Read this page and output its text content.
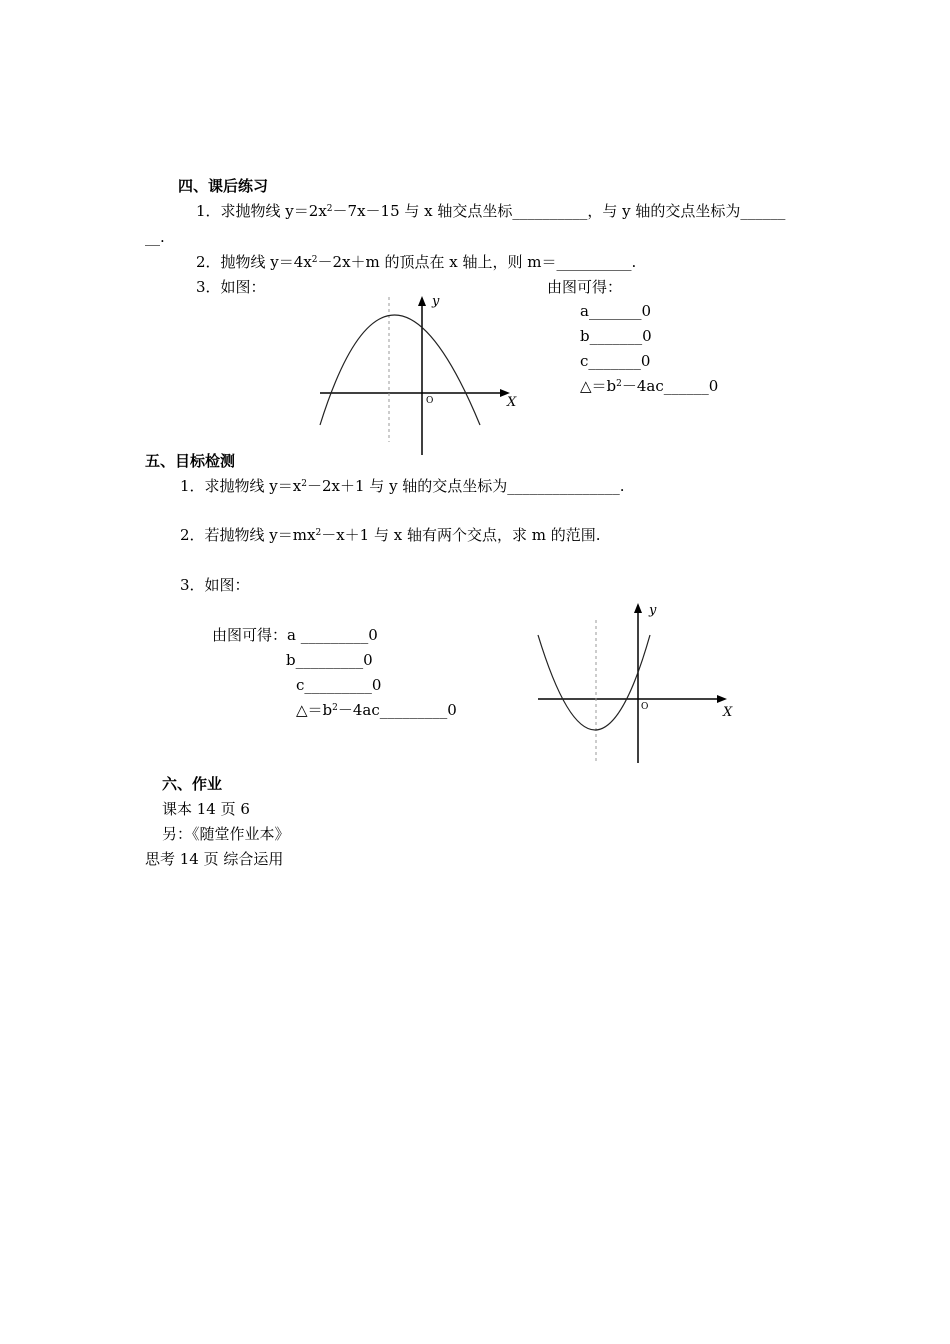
四、课后练习
1．求抛物线 $y=2x^2-7x-15$ 与 x 轴交点坐标__________，与 y 轴的交点坐标为______
__.
2．抛物线 $y=4x^2-2x+m$ 的顶点在 x 轴上，则 m＝__________.
3．如图：	由图可得：
a_______0
b_______0
c_______0
$\triangle=b^2-4ac\_\_\_\_\_\_0$
y
X
O
五、目标检测
1．求抛物线 $y=x^2-2x+1$ 与 y 轴的交点坐标为_______________.
2．若抛物线 $y=mx^2-x+1$ 与 x 轴有两个交点，求 m 的范围.
3．如图：
由图可得：a _________0
b_________0
c_________0
$\triangle=b^2-4ac\_\_\_\_\_\_\_\_\_0$
y
X
O
六、作业
课本 14 页 6
另：《随堂作业本》
思考 14 页 综合运用
